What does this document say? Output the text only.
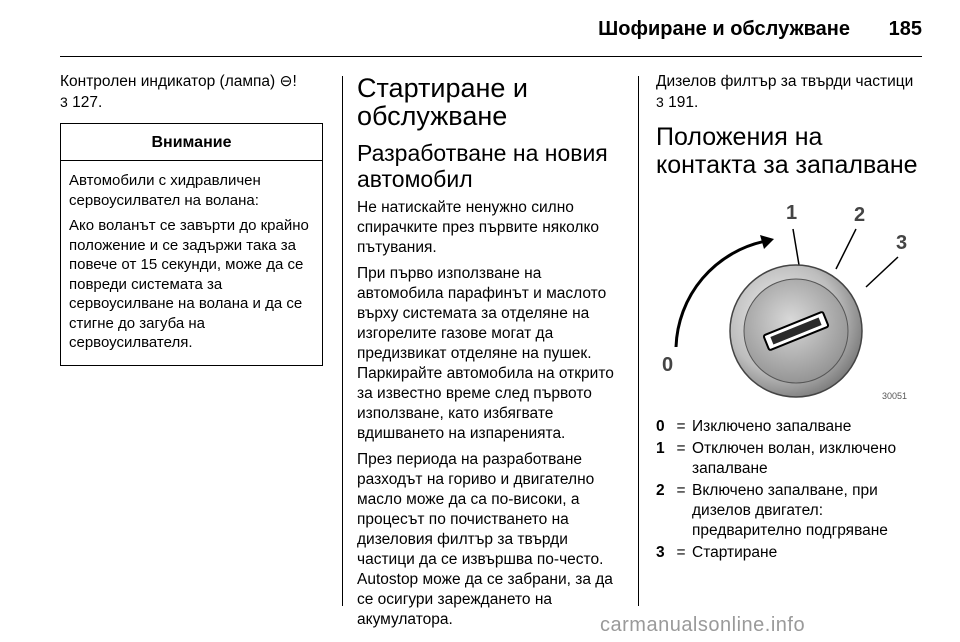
Шофиране и обслужване	185

Контролен индикатор (лампа) ⊖!
3 127.

Внимание

Автомобили с хидравличен сервоусилвател на волана:

Ако воланът се завърти до крайно положение и се задържи така за повече от 15 секунди, може да се повреди системата за сервоусилване на волана и да се стигне до загуба на сервоусилвателя.

Стартиране и обслужване
Разработване на новия автомобил

Не натискайте ненужно силно спирачките през първите няколко пътувания.

При първо използване на автомобила парафинът и маслото върху системата за отделяне на изгорелите газове могат да предизвикат отделяне на пушек. Паркирайте автомобила на открито за известно време след първото използване, като избягвате вдишването на изпаренията.

През периода на разработване разходът на гориво и двигателно масло може да са по-високи, а процесът по почистването на дизеловия филтър за твърди частици да се извършва по-често. Autostop може да се забрани, за да се осигури зареждането на акумулатора.

Дизелов филтър за твърди частици
3 191.

Положения на контакта за запалване
1	2
3
0
30051
0 = Изключено запалване
1 = Отключен волан, изключено запалване
2 = Включено запалване, при дизелов двигател: предварително подгряване
3 = Стартиране
carmanualsonline.info
